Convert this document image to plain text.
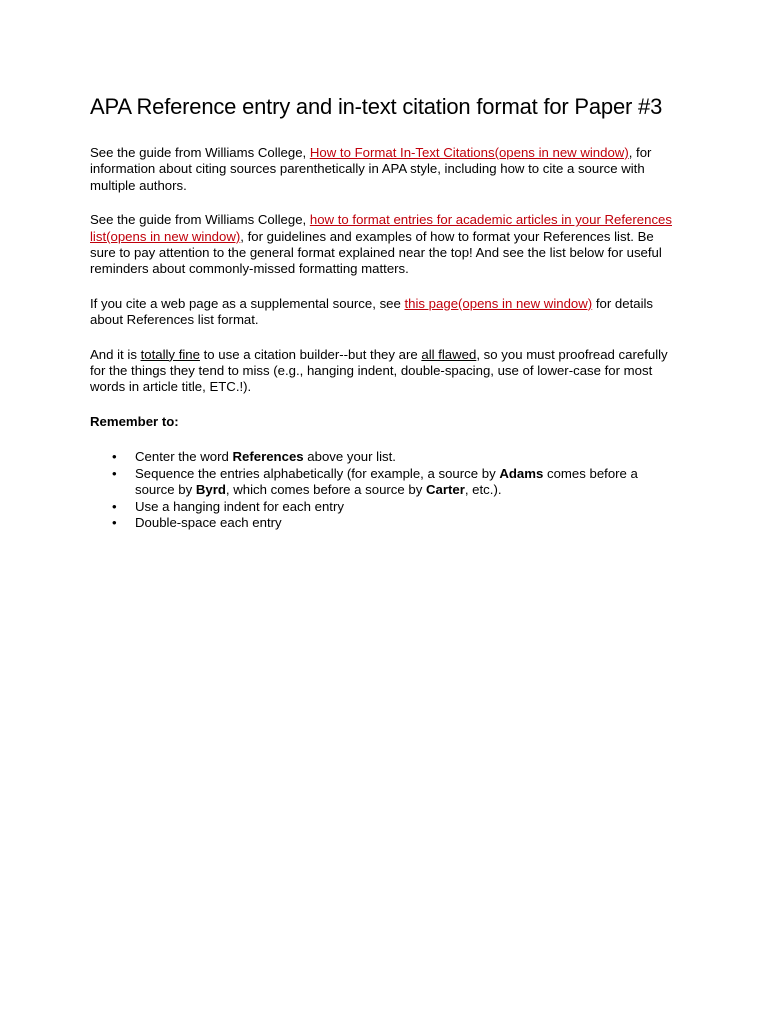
APA Reference entry and in-text citation format for Paper #3

See the guide from Williams College, How to Format In-Text Citations(opens in new window), for information about citing sources parenthetically in APA style, including how to cite a source with multiple authors.

See the guide from Williams College, how to format entries for academic articles in your References list(opens in new window), for guidelines and examples of how to format your References list. Be sure to pay attention to the general format explained near the top! And see the list below for useful reminders about commonly-missed formatting matters.

If you cite a web page as a supplemental source, see this page(opens in new window) for details about References list format.

And it is totally fine to use a citation builder--but they are all flawed, so you must proofread carefully for the things they tend to miss (e.g., hanging indent, double-spacing, use of lower-case for most words in article title, ETC.!).

Remember to:

• Center the word References above your list.
• Sequence the entries alphabetically (for example, a source by Adams comes before a source by Byrd, which comes before a source by Carter, etc.).
• Use a hanging indent for each entry
• Double-space each entry
